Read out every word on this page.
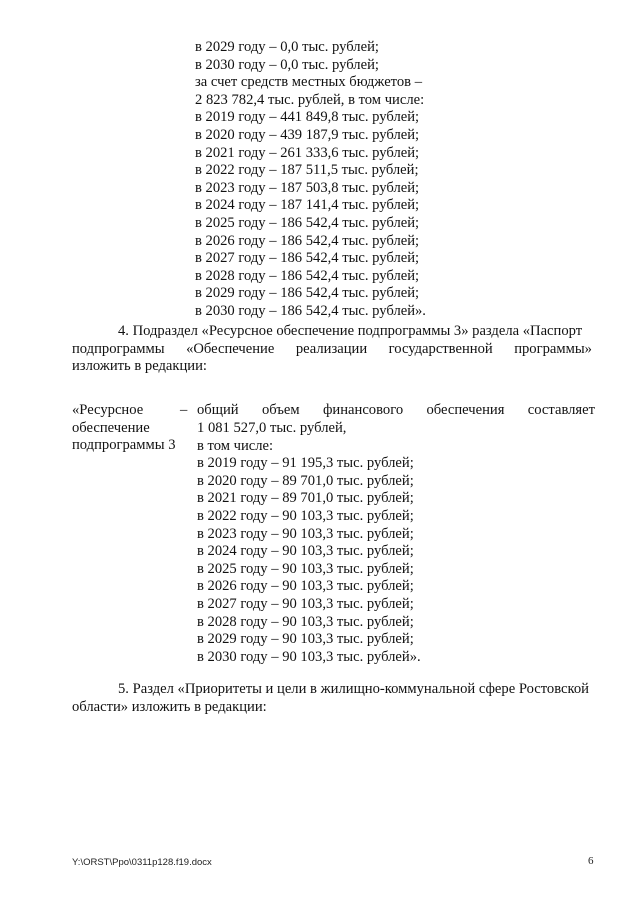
в 2029 году – 0,0 тыс. рублей;
в 2030 году – 0,0 тыс. рублей;
за счет средств местных бюджетов –
2 823 782,4 тыс. рублей, в том числе:
в 2019 году – 441 849,8 тыс. рублей;
в 2020 году – 439 187,9 тыс. рублей;
в 2021 году – 261 333,6 тыс. рублей;
в 2022 году – 187 511,5 тыс. рублей;
в 2023 году – 187 503,8 тыс. рублей;
в 2024 году – 187 141,4 тыс. рублей;
в 2025 году – 186 542,4 тыс. рублей;
в 2026 году – 186 542,4 тыс. рублей;
в 2027 году – 186 542,4 тыс. рублей;
в 2028 году – 186 542,4 тыс. рублей;
в 2029 году – 186 542,4 тыс. рублей;
в 2030 году – 186 542,4 тыс. рублей».
4. Подраздел «Ресурсное обеспечение подпрограммы 3» раздела «Паспорт
подпрограммы «Обеспечение реализации государственной программы»
изложить в редакции:
«Ресурсное
обеспечение
подпрограммы 3
– общий объем финансового обеспечения составляет
1 081 527,0 тыс. рублей,
в том числе:
в 2019 году – 91 195,3 тыс. рублей;
в 2020 году – 89 701,0 тыс. рублей;
в 2021 году – 89 701,0 тыс. рублей;
в 2022 году – 90 103,3 тыс. рублей;
в 2023 году – 90 103,3 тыс. рублей;
в 2024 году – 90 103,3 тыс. рублей;
в 2025 году – 90 103,3 тыс. рублей;
в 2026 году – 90 103,3 тыс. рублей;
в 2027 году – 90 103,3 тыс. рублей;
в 2028 году – 90 103,3 тыс. рублей;
в 2029 году – 90 103,3 тыс. рублей;
в 2030 году – 90 103,3 тыс. рублей».
5. Раздел «Приоритеты и цели в жилищно-коммунальной сфере Ростовской
области» изложить в редакции:
Y:\ORST\Ppo\0311p128.f19.docx	6
